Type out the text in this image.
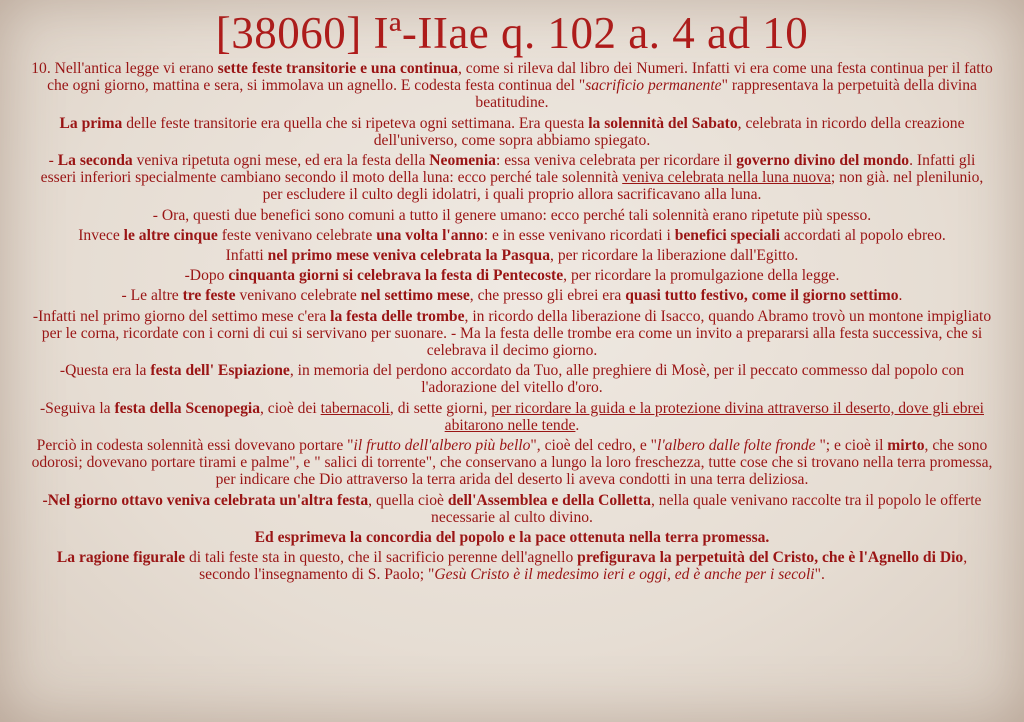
[38060] Iª-IIae q. 102 a. 4 ad 10

10. Nell'antica legge vi erano sette feste transitorie e una continua, come si rileva dal libro dei Numeri. Infatti vi era come una festa continua per il fatto che ogni giorno, mattina e sera, si immolava un agnello. E codesta festa continua del "sacrificio permanente" rappresentava la perpetuità della divina beatitudine.

La prima delle feste transitorie era quella che si ripeteva ogni settimana. Era questa la solennità del Sabato, celebrata in ricordo della creazione dell'universo, come sopra abbiamo spiegato.

- La seconda veniva ripetuta ogni mese, ed era la festa della Neomenia: essa veniva celebrata per ricordare il governo divino del mondo. Infatti gli esseri inferiori specialmente cambiano secondo il moto della luna: ecco perché tale solennità veniva celebrata nella luna nuova; non già. nel plenilunio, per escludere il culto degli idolatri, i quali proprio allora sacrificavano alla luna.

- Ora, questi due benefici sono comuni a tutto il genere umano: ecco perché tali solennità erano ripetute più spesso.

Invece le altre cinque feste venivano celebrate una volta l'anno: e in esse venivano ricordati i benefici speciali accordati al popolo ebreo.

Infatti nel primo mese veniva celebrata la Pasqua, per ricordare la liberazione dall'Egitto.

-Dopo cinquanta giorni si celebrava la festa di Pentecoste, per ricordare la promulgazione della legge.

- Le altre tre feste venivano celebrate nel settimo mese, che presso gli ebrei era quasi tutto festivo, come il giorno settimo.

-Infatti nel primo giorno del settimo mese c'era la festa delle trombe, in ricordo della liberazione di Isacco, quando Abramo trovò un montone impigliato per le corna, ricordate con i corni di cui si servivano per suonare. - Ma la festa delle trombe era come un invito a prepararsi alla festa successiva, che si celebrava il decimo giorno.

-Questa era la festa dell' Espiazione, in memoria del perdono accordato da Tuo, alle preghiere di Mosè, per il peccato commesso dal popolo con l'adorazione del vitello d'oro.

-Seguiva la festa della Scenopegia, cioè dei tabernacoli, di sette giorni, per ricordare la guida e la protezione divina attraverso il deserto, dove gli ebrei abitarono nelle tende.

Perciò in codesta solennità essi dovevano portare "il frutto dell'albero più bello", cioè del cedro, e "l'albero dalle folte fronde "; e cioè il mirto, che sono odorosi; dovevano portare tirami e palme", e " salici di torrente", che conservano a lungo la loro freschezza, tutte cose che si trovano nella terra promessa, per indicare che Dio attraverso la terra arida del deserto li aveva condotti in una terra deliziosa.

-Nel giorno ottavo veniva celebrata un'altra festa, quella cioè dell'Assemblea e della Colletta, nella quale venivano raccolte tra il popolo le offerte necessarie al culto divino.

Ed esprimeva la concordia del popolo e la pace ottenuta nella terra promessa.

La ragione figurale di tali feste sta in questo, che il sacrificio perenne dell'agnello prefigurava la perpetuità del Cristo, che è l'Agnello di Dio, secondo l'insegnamento di S. Paolo; "Gesù Cristo è il medesimo ieri e oggi, ed è anche per i secoli".
